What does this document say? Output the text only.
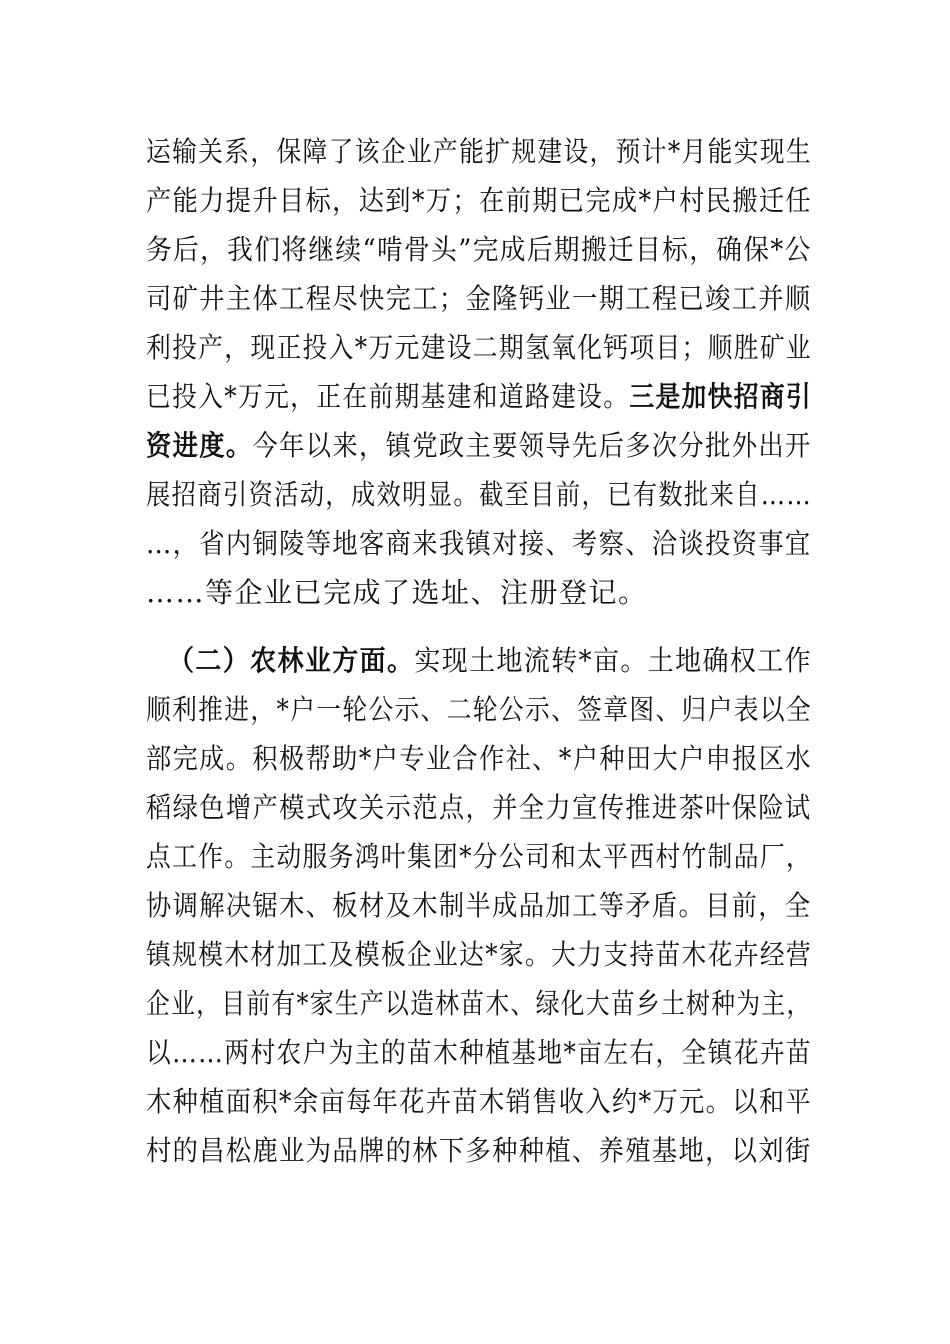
运输关系，保障了该企业产能扩规建设，预计*月能实现生
产能力提升目标，达到*万；在前期已完成*户村民搬迁任
务后，我们将继续“啃骨头”完成后期搬迁目标，确保*公
司矿井主体工程尽快完工；金隆钙业一期工程已竣工并顺
利投产，现正投入*万元建设二期氢氧化钙项目；顺胜矿业
已投入*万元，正在前期基建和道路建设。三是加快招商引
资进度。今年以来，镇党政主要领导先后多次分批外出开
展招商引资活动，成效明显。截至目前，已有数批来自……
…，省内铜陵等地客商来我镇对接、考察、洽谈投资事宜
……等企业已完成了选址、注册登记。
（二）农林业方面。实现土地流转*亩。土地确权工作
顺利推进，*户一轮公示、二轮公示、签章图、归户表以全
部完成。积极帮助*户专业合作社、*户种田大户申报区水
稻绿色增产模式攻关示范点，并全力宣传推进茶叶保险试
点工作。主动服务鸿叶集团*分公司和太平西村竹制品厂，
协调解决锯木、板材及木制半成品加工等矛盾。目前，全
镇规模木材加工及模板企业达*家。大力支持苗木花卉经营
企业，目前有*家生产以造林苗木、绿化大苗乡土树种为主，
以……两村农户为主的苗木种植基地*亩左右，全镇花卉苗
木种植面积*余亩每年花卉苗木销售收入约*万元。以和平
村的昌松鹿业为品牌的林下多种种植、养殖基地，以刘街
